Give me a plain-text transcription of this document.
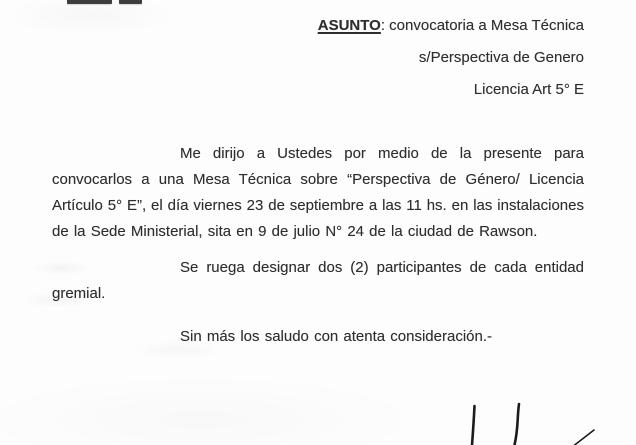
ASUNTO: convocatoria a Mesa Técnica
s/Perspectiva de Genero
Licencia Art 5° E
Me dirijo a Ustedes por medio de la presente para
convocarlos a una Mesa Técnica sobre “Perspectiva de Género/ Licencia
Artículo 5° E”, el día viernes 23 de septiembre a las 11 hs. en las instalaciones
de la Sede Ministerial, sita en 9 de julio N° 24 de la ciudad de Rawson.
Se ruega designar dos (2) participantes de cada entidad
gremial.
Sin más los saludo con atenta consideración.-
